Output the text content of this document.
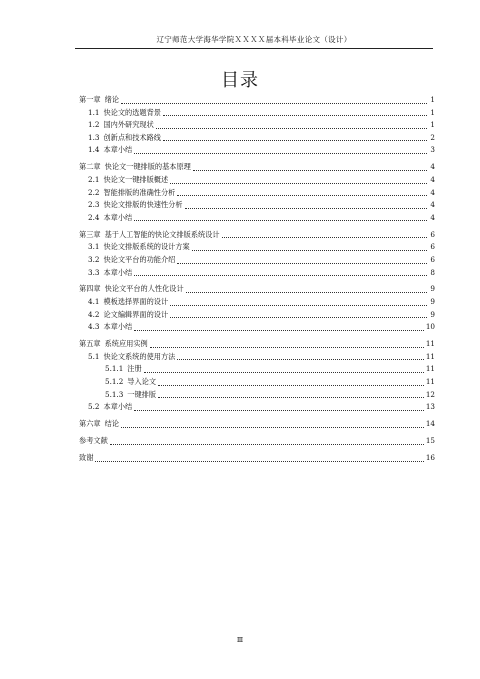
辽宁师范大学海华学院ＸＸＸＸ届本科毕业论文（设计）
目录
第一章 绪论	1
1.1 快论文的选题背景	1
1.2 国内外研究现状	1
1.3 创新点和技术路线	2
1.4 本章小结	3
第二章 快论文一键排版的基本原理	4
2.1 快论文一键排版概述	4
2.2 智能排版的准确性分析	4
2.3 快论文排版的快速性分析	4
2.4 本章小结	4
第三章 基于人工智能的快论文排版系统设计	6
3.1 快论文排版系统的设计方案	6
3.2 快论文平台的功能介绍	6
3.3 本章小结	8
第四章 快论文平台的人性化设计	9
4.1 模板选择界面的设计	9
4.2 论文编辑界面的设计	9
4.3 本章小结	10
第五章 系统应用实例	11
5.1 快论文系统的使用方法	11
5.1.1 注册	11
5.1.2 导入论文	11
5.1.3 一键排版	12
5.2 本章小结	13
第六章 结论	14
参考文献	15
致谢	16
Ⅲ
